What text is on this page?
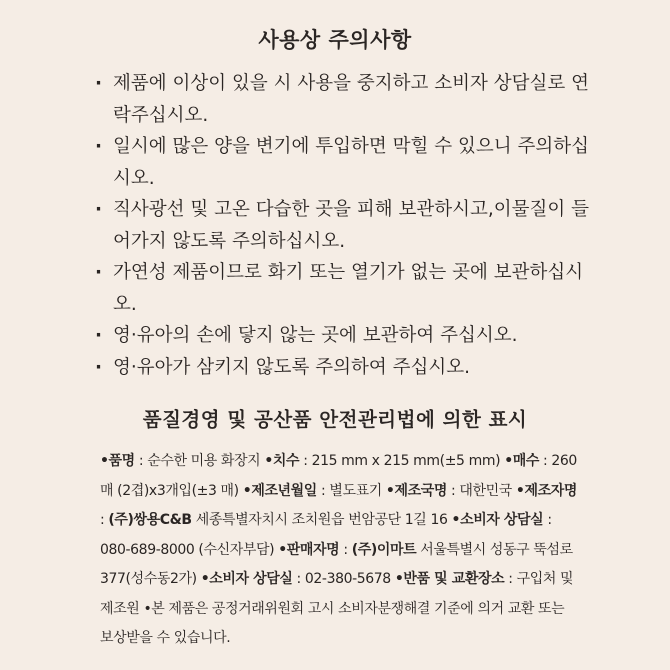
사용상 주의사항
· 제품에 이상이 있을 시 사용을 중지하고 소비자 상담실로 연락주십시오.
· 일시에 많은 양을 변기에 투입하면 막힐 수 있으니 주의하십시오.
· 직사광선 및 고온 다습한 곳을 피해 보관하시고,이물질이 들어가지 않도록 주의하십시오.
· 가연성 제품이므로 화기 또는 열기가 없는 곳에 보관하십시오.
· 영·유아의 손에 닿지 않는 곳에 보관하여 주십시오.
· 영·유아가 삼키지 않도록 주의하여 주십시오.
품질경영 및 공산품 안전관리법에 의한 표시
•품명 : 순수한 미용 화장지 •치수 : 215 mm x 215 mm(±5 mm) •매수 : 260 매 (2겹)x3개입(±3 매) •제조년월일 : 별도표기 •제조국명 : 대한민국 •제조자명 : (주)쌍용C&B 세종특별자치시 조치원읍 번암공단 1길 16 •소비자 상담실 : 080-689-8000 (수신자부담) •판매자명 : (주)이마트 서울특별시 성동구 뚝섬로 377(성수동2가) •소비자 상담실 : 02-380-5678 •반품 및 교환장소 : 구입처 및 제조원 •본 제품은 공정거래위원회 고시 소비자분쟁해결 기준에 의거 교환 또는 보상받을 수 있습니다.
